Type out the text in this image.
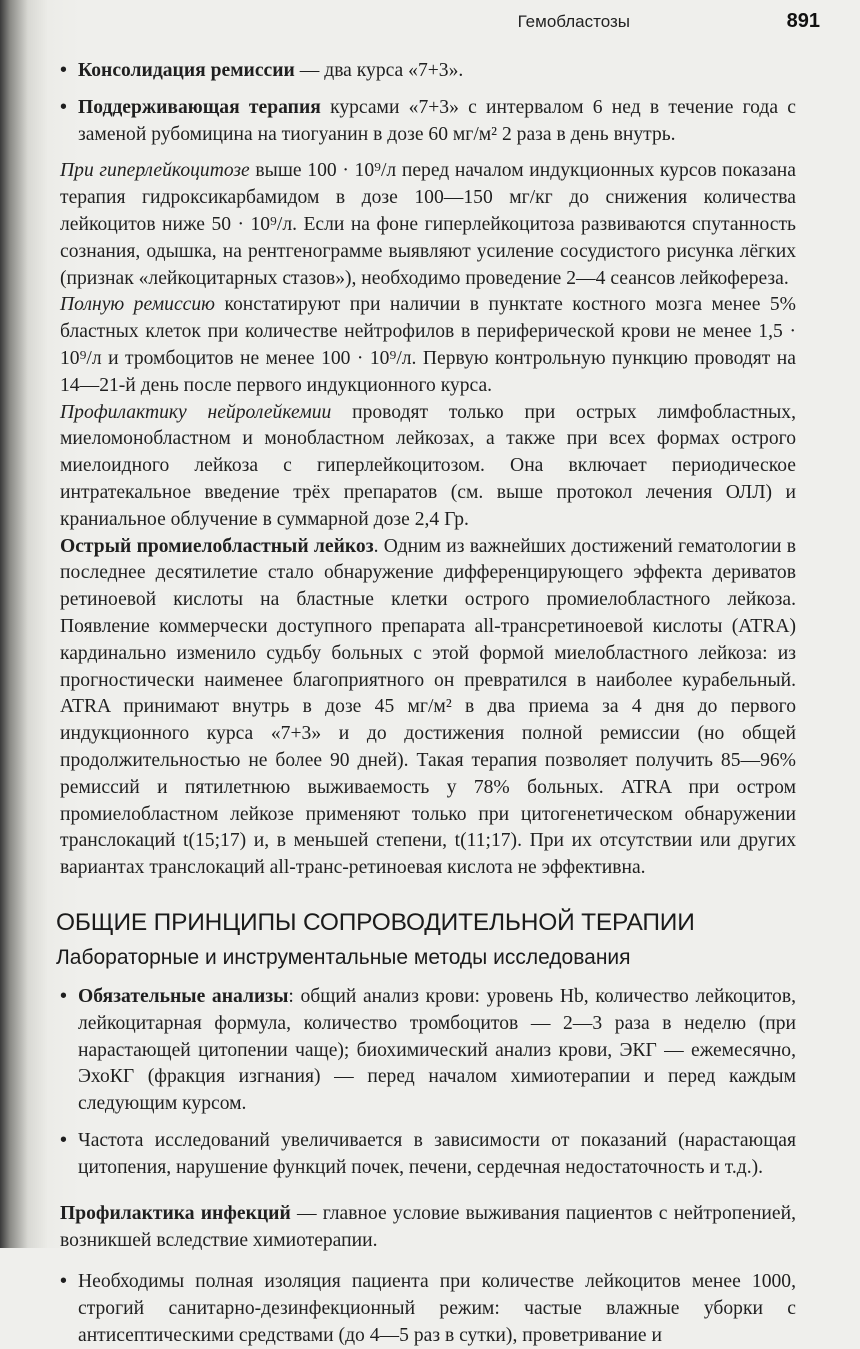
Гемобластозы	891

• Консолидация ремиссии — два курса «7+3».

• Поддерживающая терапия курсами «7+3» с интервалом 6 нед в течение года с заменой рубомицина на тиогуанин в дозе 60 мг/м² 2 раза в день внутрь.

При гиперлейкоцитозе выше 100 · 10⁹/л перед началом индукционных курсов показана терапия гидроксикарбамидом в дозе 100—150 мг/кг до снижения количества лейкоцитов ниже 50 · 10⁹/л. Если на фоне гиперлейкоцитоза развиваются спутанность сознания, одышка, на рентгенограмме выявляют усиление сосудистого рисунка лёгких (признак «лейкоцитарных стазов»), необходимо проведение 2—4 сеансов лейкофереза.

Полную ремиссию констатируют при наличии в пунктате костного мозга менее 5% бластных клеток при количестве нейтрофилов в периферической крови не менее 1,5 · 10⁹/л и тромбоцитов не менее 100 · 10⁹/л. Первую контрольную пункцию проводят на 14—21-й день после первого индукционного курса.

Профилактику нейролейкемии проводят только при острых лимфобластных, миеломонобластном и монобластном лейкозах, а также при всех формах острого миелоидного лейкоза с гиперлейкоцитозом. Она включает периодическое интратекальное введение трёх препаратов (см. выше протокол лечения ОЛЛ) и краниальное облучение в суммарной дозе 2,4 Гр.

Острый промиелобластный лейкоз. Одним из важнейших достижений гематологии в последнее десятилетие стало обнаружение дифференцирующего эффекта дериватов ретиноевой кислоты на бластные клетки острого промиелобластного лейкоза. Появление коммерчески доступного препарата all-трансретиноевой кислоты (ATRA) кардинально изменило судьбу больных с этой формой миелобластного лейкоза: из прогностически наименее благоприятного он превратился в наиболее курабельный. ATRA принимают внутрь в дозе 45 мг/м² в два приема за 4 дня до первого индукционного курса «7+3» и до достижения полной ремиссии (но общей продолжительностью не более 90 дней). Такая терапия позволяет получить 85—96% ремиссий и пятилетнюю выживаемость у 78% больных. ATRA при остром промиелобластном лейкозе применяют только при цитогенетическом обнаружении транслокаций t(15;17) и, в меньшей степени, t(11;17). При их отсутствии или других вариантах транслокаций all-транс-ретиноевая кислота не эффективна.

ОБЩИЕ ПРИНЦИПЫ СОПРОВОДИТЕЛЬНОЙ ТЕРАПИИ
Лабораторные и инструментальные методы исследования

• Обязательные анализы: общий анализ крови: уровень Hb, количество лейкоцитов, лейкоцитарная формула, количество тромбоцитов — 2—3 раза в неделю (при нарастающей цитопении чаще); биохимический анализ крови, ЭКГ — ежемесячно, ЭхоКГ (фракция изгнания) — перед началом химиотерапии и перед каждым следующим курсом.

• Частота исследований увеличивается в зависимости от показаний (нарастающая цитопения, нарушение функций почек, печени, сердечная недостаточность и т.д.).

Профилактика инфекций — главное условие выживания пациентов с нейтропенией, возникшей вследствие химиотерапии.

• Необходимы полная изоляция пациента при количестве лейкоцитов менее 1000, строгий санитарно-дезинфекционный режим: частые влажные уборки с антисептическими средствами (до 4—5 раз в сутки), проветривание и
